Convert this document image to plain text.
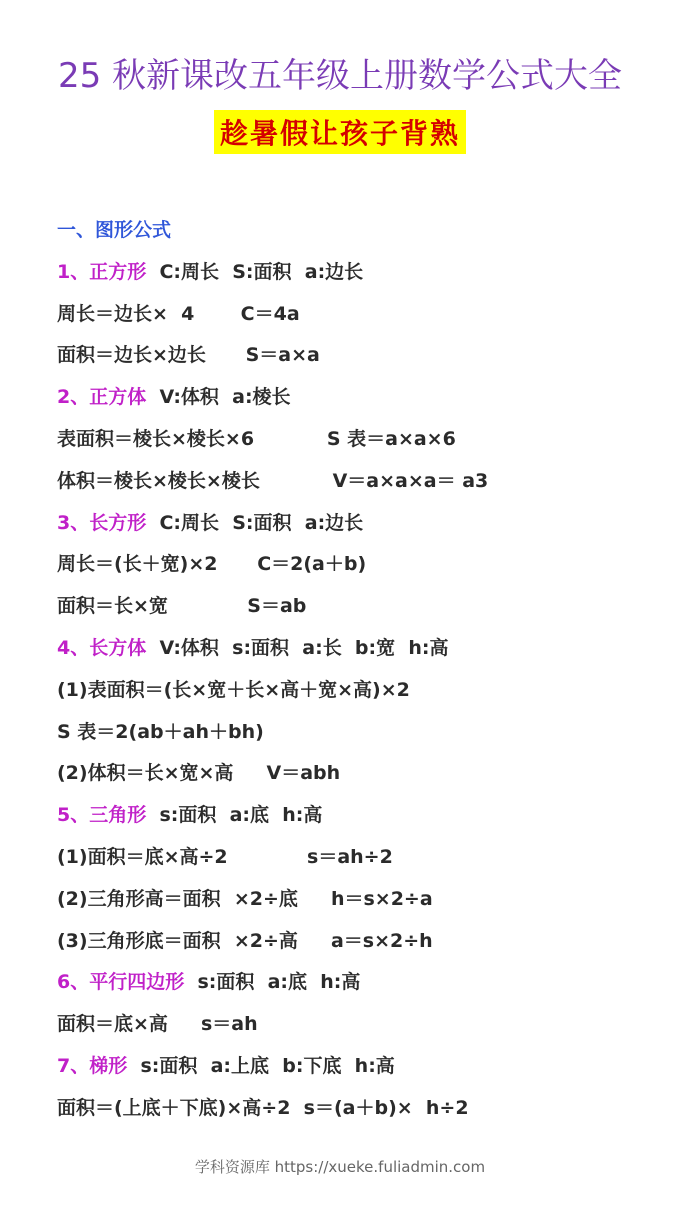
25 秋新课改五年级上册数学公式大全
趁暑假让孩子背熟
一、图形公式
1、正方形  C:周长  S:面积  a:边长
周长＝边长×  4       C＝4a
面积＝边长×边长      S＝a×a
2、正方体  V:体积  a:棱长
表面积＝棱长×棱长×6           S 表＝a×a×6
体积＝棱长×棱长×棱长           V＝a×a×a＝ a3
3、长方形  C:周长  S:面积  a:边长
周长＝(长＋宽)×2      C＝2(a＋b)
面积＝长×宽            S＝ab
4、长方体  V:体积  s:面积  a:长  b:宽  h:高
(1)表面积＝(长×宽＋长×高＋宽×高)×2
S 表＝2(ab＋ah＋bh)
(2)体积＝长×宽×高     V＝abh
5、三角形  s:面积  a:底  h:高
(1)面积＝底×高÷2            s＝ah÷2
(2)三角形高＝面积  ×2÷底     h＝s×2÷a
(3)三角形底＝面积  ×2÷高     a＝s×2÷h
6、平行四边形  s:面积  a:底  h:高
面积＝底×高     s＝ah
7、梯形  s:面积  a:上底  b:下底  h:高
面积＝(上底＋下底)×高÷2  s＝(a＋b)×  h÷2
学科资源库 https://xueke.fuliadmin.com
